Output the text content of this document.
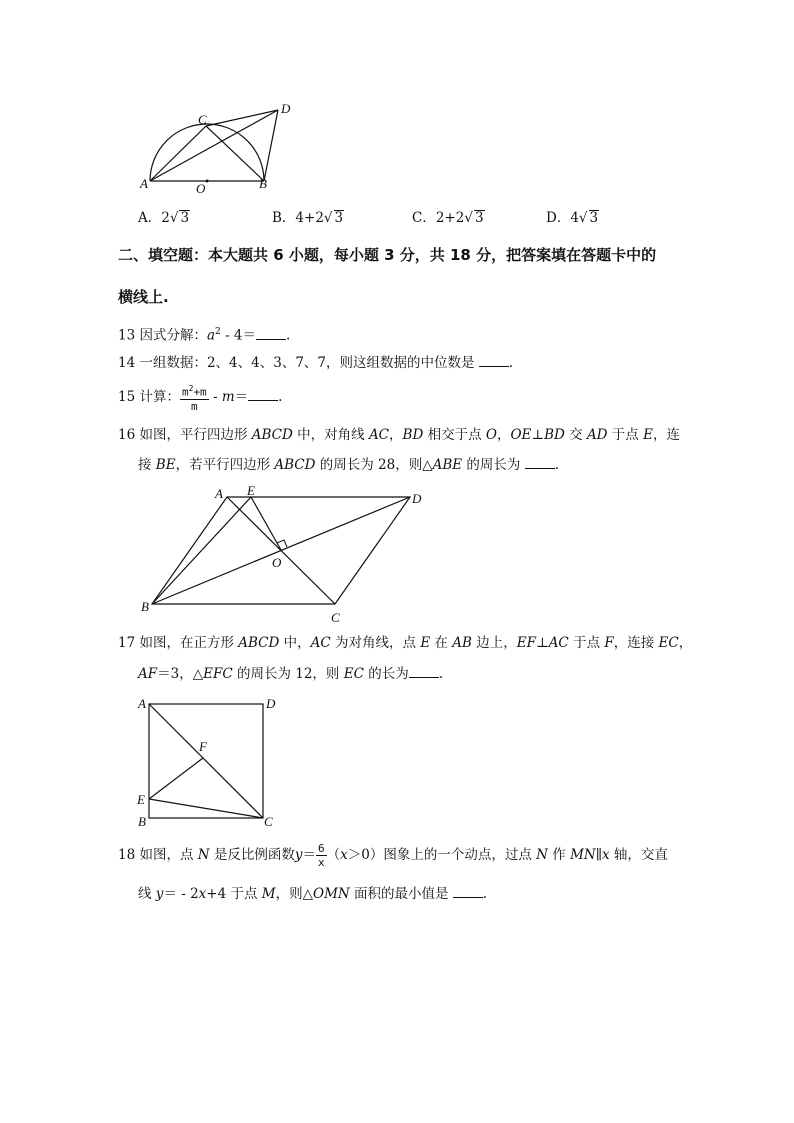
C
D
A	B
O
A．2√ 3	B．4+2√ 3	C．2+2√ 3	D．4√ 3
二、填空题：本大题共 6 小题，每小题 3 分，共 18 分，把答案填在答题卡中的
横线上.
13 因式分解：$a^2 - 4=$ .
14 一组数据：2、4、4、3、7、7，则这组数据的中位数是 .
15 计算： $\frac{m^2+m}{m} - m=$ .
16 如图，平行四边形 ABCD 中，对角线 AC，BD 相交于点 O，OE⊥BD 交 AD 于点 E，连
接 BE，若平行四边形 ABCD 的周长为 28，则△ABE 的周长为 .
A E
D
O
B
C
17 如图，在正方形 ABCD 中，AC 为对角线，点 E 在 AB 边上，EF⊥AC 于点 F，连接 EC，
AF＝3，△EFC 的周长为 12，则 EC 的长为 .
A	D
F
E
B	C
18 如图，点 N 是反比例函数$y= \frac{6}{x} (x>0)$图象上的一个动点，过点 N 作 MN∥x 轴，交直
线 y＝ - 2x+4 于点 M，则△OMN 面积的最小值是 .
